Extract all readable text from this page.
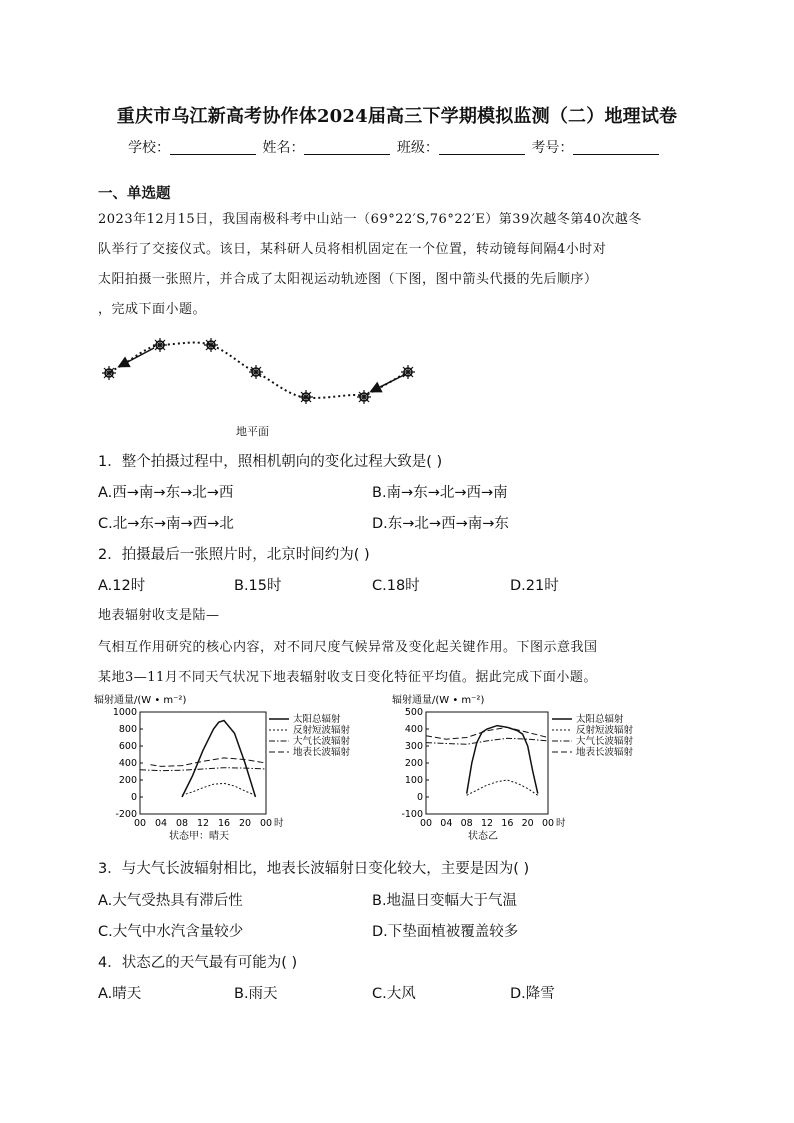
重庆市乌江新高考协作体2024届高三下学期模拟监测（二）地理试卷
学校：	姓名：	班级：	考号：
一、单选题
2023年12月15日，我国南极科考中山站一（69°22′S,76°22′E）第39次越冬第40次越冬
队举行了交接仪式。该日，某科研人员将相机固定在一个位置，转动镜每间隔4小时对
太阳拍摄一张照片，并合成了太阳视运动轨迹图（下图，图中箭头代摄的先后顺序）
，完成下面小题。
地平面
1．整个拍摄过程中，照相机朝向的变化过程大致是( )
A.西→南→东→北→西	B.南→东→北→西→南
C.北→东→南→西→北	D.东→北→西→南→东
2．拍摄最后一张照片时，北京时间约为( )
A.12时	B.15时	C.18时	D.21时
地表辐射收支是陆—
气相互作用研究的核心内容，对不同尺度气候异常及变化起关键作用。下图示意我国
某地3—11月不同天气状况下地表辐射收支日变化特征平均值。据此完成下面小题。
辐射通量/(W • m⁻²)
1000
800
600
400
200
0
-200
00 04 08 12 16 20 00 时
太阳总辐射
反射短波辐射
大气长波辐射
地表长波辐射
状态甲：晴天
辐射通量/(W • m⁻²)
500
400
300
200
100
0
-100
00 04 08 12 16 20 00 时
太阳总辐射
反射短波辐射
大气长波辐射
地表长波辐射
状态乙
3．与大气长波辐射相比，地表长波辐射日变化较大，主要是因为( )
A.大气受热具有滞后性	B.地温日变幅大于气温
C.大气中水汽含量较少	D.下垫面植被覆盖较多
4．状态乙的天气最有可能为( )
A.晴天	B.雨天	C.大风	D.降雪
